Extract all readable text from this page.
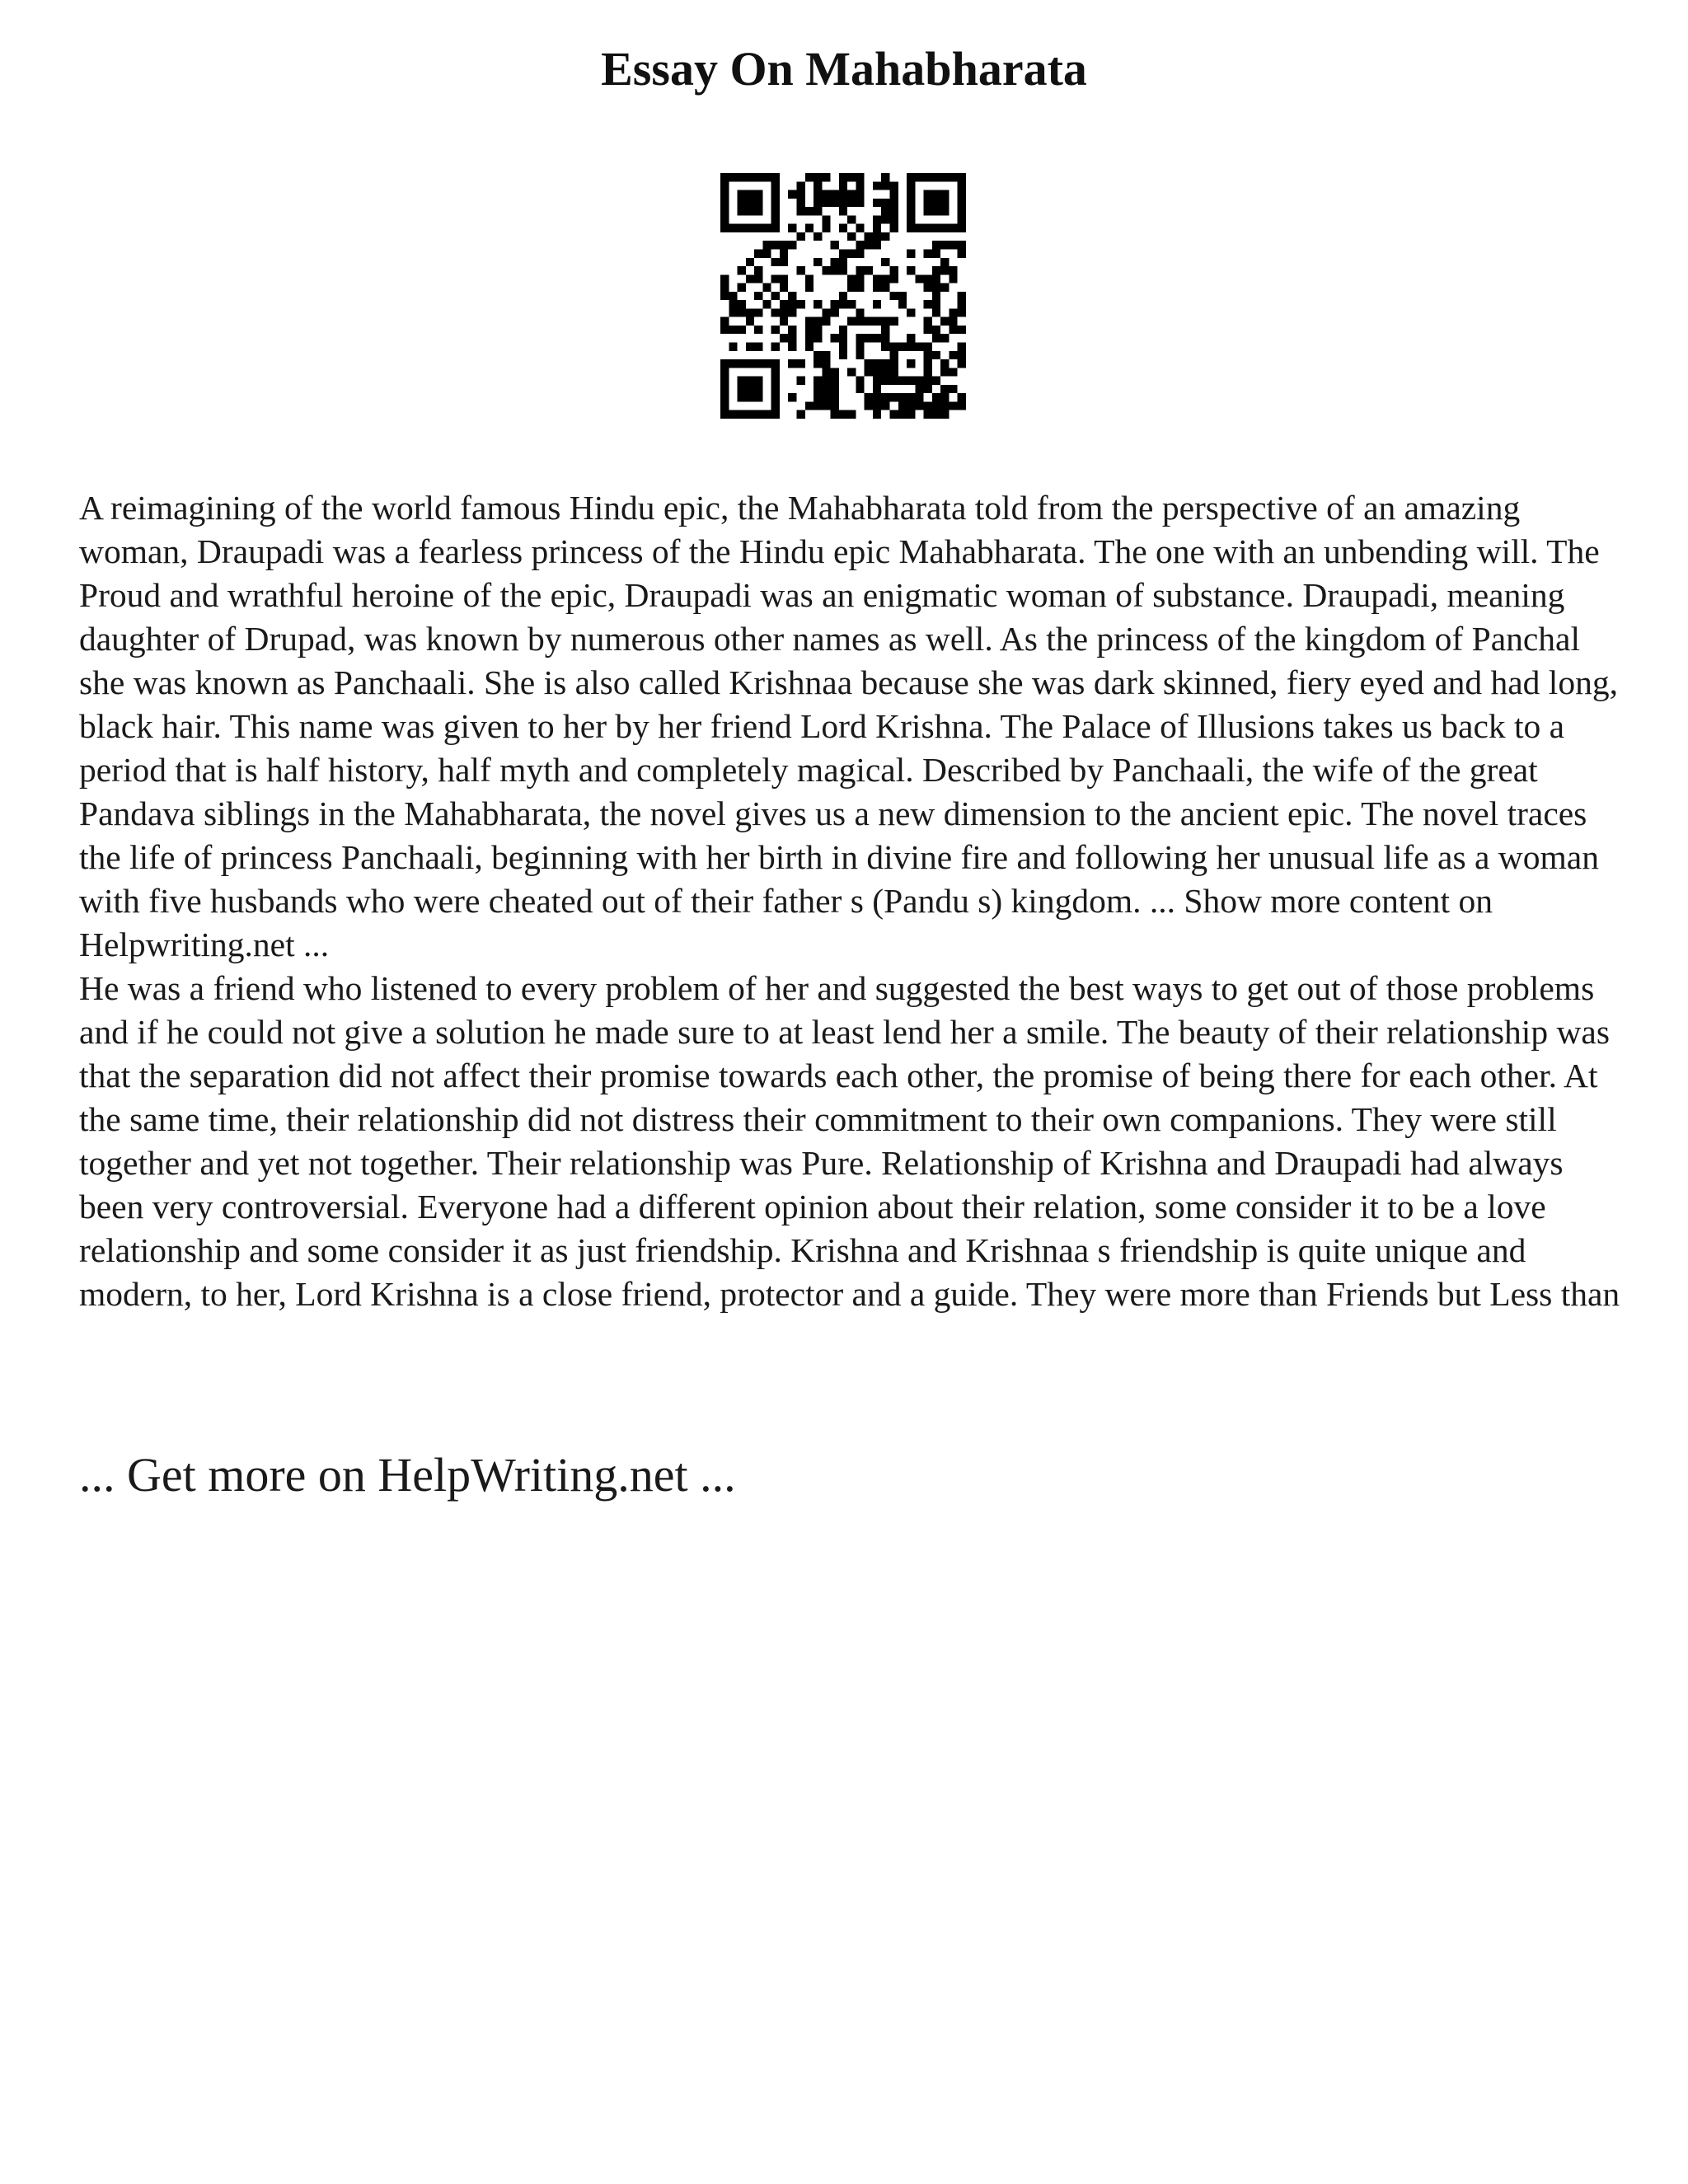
Essay On Mahabharata

A reimagining of the world famous Hindu epic, the Mahabharata told from the perspective of an amazing woman, Draupadi was a fearless princess of the Hindu epic Mahabharata. The one with an unbending will. The Proud and wrathful heroine of the epic, Draupadi was an enigmatic woman of substance. Draupadi, meaning daughter of Drupad, was known by numerous other names as well. As the princess of the kingdom of Panchal she was known as Panchaali. She is also called Krishnaa because she was dark skinned, fiery eyed and had long, black hair. This name was given to her by her friend Lord Krishna. The Palace of Illusions takes us back to a period that is half history, half myth and completely magical. Described by Panchaali, the wife of the great Pandava siblings in the Mahabharata, the novel gives us a new dimension to the ancient epic. The novel traces the life of princess Panchaali, beginning with her birth in divine fire and following her unusual life as a woman with five husbands who were cheated out of their father s (Pandu s) kingdom. ... Show more content on Helpwriting.net ...

He was a friend who listened to every problem of her and suggested the best ways to get out of those problems and if he could not give a solution he made sure to at least lend her a smile. The beauty of their relationship was that the separation did not affect their promise towards each other, the promise of being there for each other. At the same time, their relationship did not distress their commitment to their own companions. They were still together and yet not together. Their relationship was Pure. Relationship of Krishna and Draupadi had always been very controversial. Everyone had a different opinion about their relation, some consider it to be a love relationship and some consider it as just friendship. Krishna and Krishnaa s friendship is quite unique and modern, to her, Lord Krishna is a close friend, protector and a guide. They were more than Friends but Less than

... Get more on HelpWriting.net ...
